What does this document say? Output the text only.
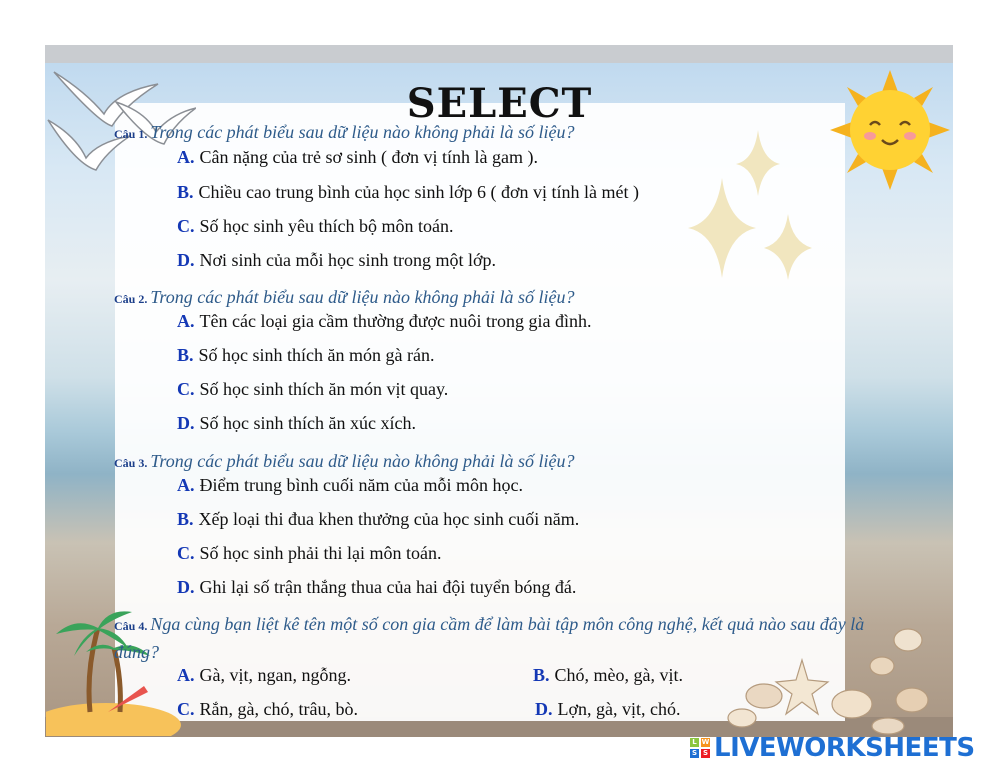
SELECT
Câu 1. Trong các phát biểu sau dữ liệu nào không phải là số liệu?
A. Cân nặng của trẻ sơ sinh ( đơn vị tính là gam ).
B. Chiều cao trung bình của học sinh lớp 6 ( đơn vị tính là mét )
C. Số học sinh yêu thích bộ môn toán.
D. Nơi sinh của mỗi học sinh trong một lớp.
Câu 2. Trong các phát biểu sau dữ liệu nào không phải là số liệu?
A. Tên các loại gia cầm thường được nuôi trong gia đình.
B. Số học sinh thích ăn món gà rán.
C. Số học sinh thích ăn món vịt quay.
D. Số học sinh thích ăn xúc xích.
Câu 3. Trong các phát biểu sau dữ liệu nào không phải là số liệu?
A. Điểm trung bình cuối năm của mỗi môn học.
B. Xếp loại thi đua khen thưởng của học sinh cuối năm.
C. Số học sinh phải thi lại môn toán.
D. Ghi lại số trận thắng thua của hai đội tuyển bóng đá.
Câu 4. Nga cùng bạn liệt kê tên một số con gia cầm để làm bài tập môn công nghệ, kết quả nào sau đây là đúng?
A. Gà, vịt, ngan, ngỗng.	B. Chó, mèo, gà, vịt.
C. Rắn, gà, chó, trâu, bò.	D. Lợn, gà, vịt, chó.
L W
S S LIVEWORKSHEETS
